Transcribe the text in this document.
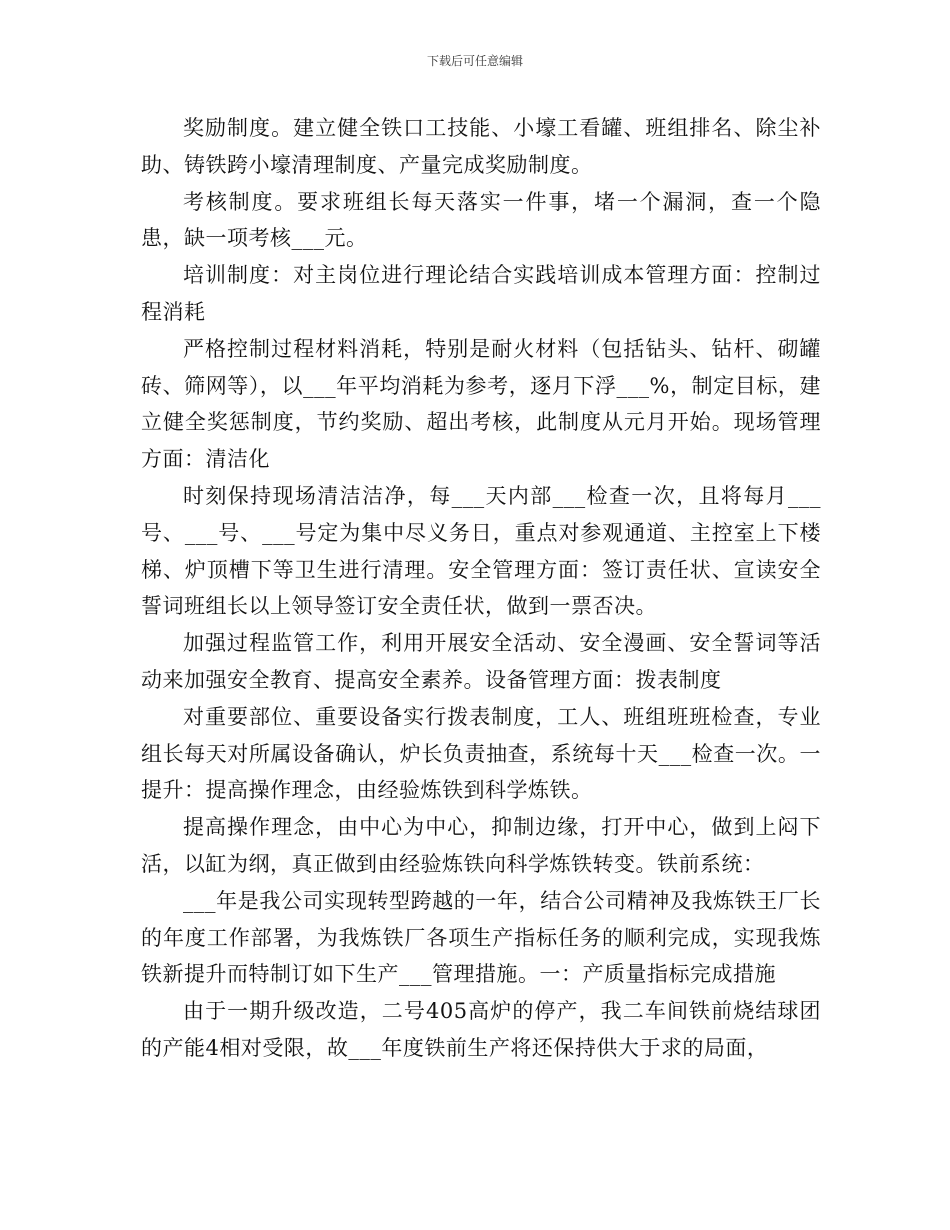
下载后可任意编辑

奖励制度。建立健全铁口工技能、小壕工看罐、班组排名、除尘补助、铸铁跨小壕清理制度、产量完成奖励制度。

考核制度。要求班组长每天落实一件事，堵一个漏洞，查一个隐患，缺一项考核___元。

培训制度：对主岗位进行理论结合实践培训成本管理方面：控制过程消耗

严格控制过程材料消耗，特别是耐火材料（包括钻头、钻杆、砌罐砖、筛网等），以___年平均消耗为参考，逐月下浮___%，制定目标，建立健全奖惩制度，节约奖励、超出考核，此制度从元月开始。现场管理方面：清洁化

时刻保持现场清洁洁净，每___天内部___检查一次，且将每月___号、___号、___号定为集中尽义务日，重点对参观通道、主控室上下楼梯、炉顶槽下等卫生进行清理。安全管理方面：签订责任状、宣读安全誓词班组长以上领导签订安全责任状，做到一票否决。

加强过程监管工作，利用开展安全活动、安全漫画、安全誓词等活动来加强安全教育、提高安全素养。设备管理方面：拨表制度

对重要部位、重要设备实行拨表制度，工人、班组班班检查，专业组长每天对所属设备确认，炉长负责抽查，系统每十天___检查一次。一提升：提高操作理念，由经验炼铁到科学炼铁。

提高操作理念，由中心为中心，抑制边缘，打开中心，做到上闷下活，以缸为纲，真正做到由经验炼铁向科学炼铁转变。铁前系统：

___年是我公司实现转型跨越的一年，结合公司精神及我炼铁王厂长的年度工作部署，为我炼铁厂各项生产指标任务的顺利完成，实现我炼铁新提升而特制订如下生产___管理措施。一：产质量指标完成措施

由于一期升级改造，二号405高炉的停产，我二车间铁前烧结球团的产能4相对受限，故___年度铁前生产将还保持供大于求的局面，
